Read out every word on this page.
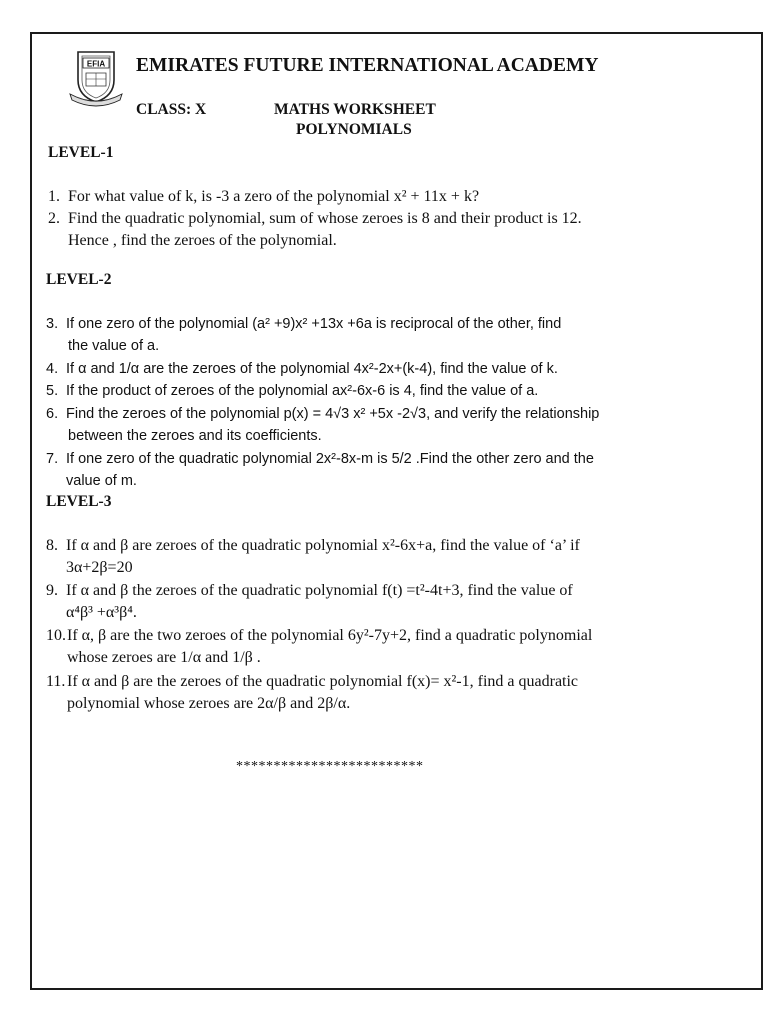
EFIA EMIRATES FUTURE INTERNATIONAL ACADEMY
CLASS: X	MATHS WORKSHEET
POLYNOMIALS
LEVEL-1
1. For what value of k, is -3 a zero of the polynomial x² + 11x + k?
2. Find the quadratic polynomial, sum of whose zeroes is 8 and their product is 12.
Hence , find the zeroes of the polynomial.
LEVEL-2
3. If one zero of the polynomial (a² +9)x² +13x +6a is reciprocal of the other, find
the value of a.
4. If α and 1/α are the zeroes of the polynomial 4x²-2x+(k-4), find the value of k.
5. If the product of zeroes of the polynomial ax²-6x-6 is 4, find the value of a.
6. Find the zeroes of the polynomial p(x) = 4√3 x² +5x -2√3, and verify the relationship
between the zeroes and its coefficients.
7. If one zero of the quadratic polynomial 2x²-8x-m is 5/2 .Find the other zero and the
value of m.
LEVEL-3
8. If α and β are zeroes of the quadratic polynomial x²-6x+a, find the value of ‘a’ if
3α+2β=20
9. If α and β the zeroes of the quadratic polynomial f(t) =t²-4t+3, find the value of
α⁴β³ +α³β⁴.
10.If α, β are the two zeroes of the polynomial 6y²-7y+2, find a quadratic polynomial
whose zeroes are 1/α and 1/β .
11.If α and β are the zeroes of the quadratic polynomial f(x)= x²-1, find a quadratic
polynomial whose zeroes are 2α/β and 2β/α.
*************************
